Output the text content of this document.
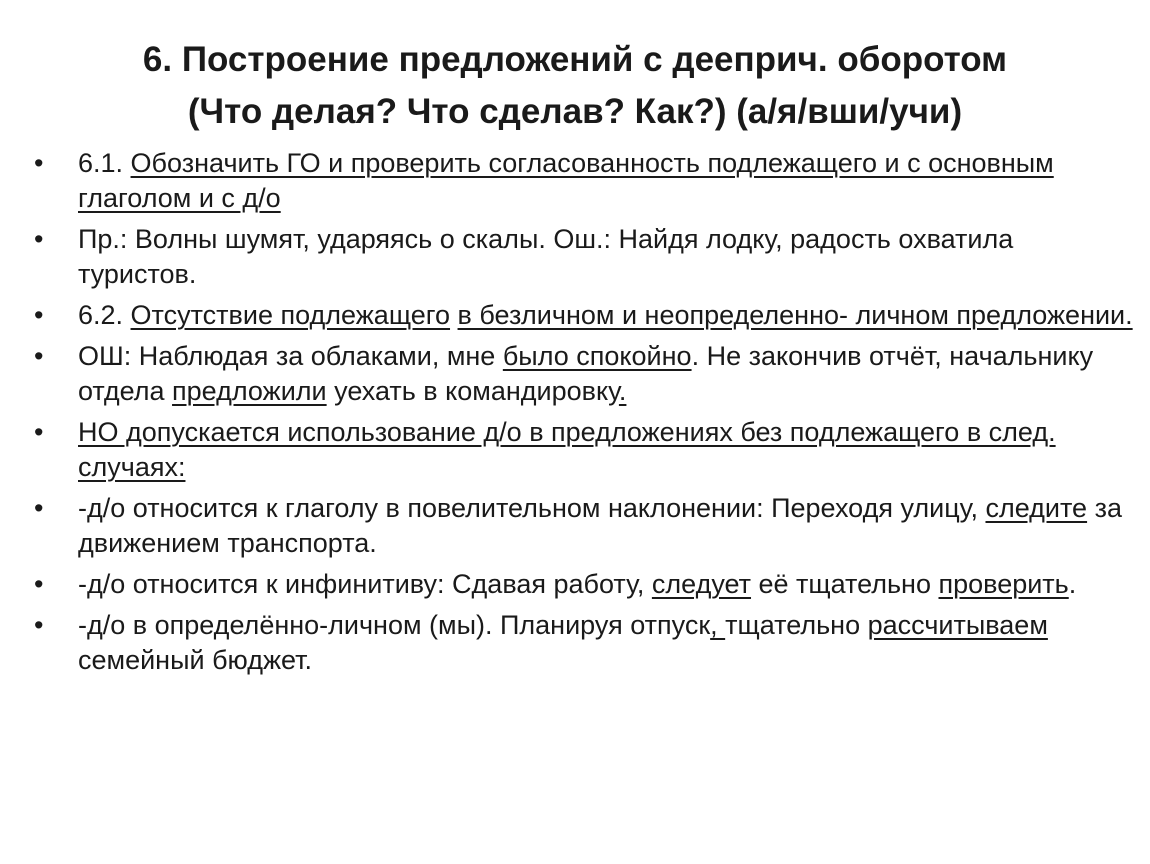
6. Построение предложений с дееприч. оборотом
(Что делая? Что сделав? Как?) (а/я/вши/учи)
• 6.1. Обозначить ГО и проверить согласованность подлежащего и с основным глаголом и с д/о
• Пр.: Волны шумят, ударяясь о скалы. Ош.: Найдя лодку, радость охватила туристов.
• 6.2. Отсутствие подлежащего в безличном и неопределенно- личном предложении.
• ОШ: Наблюдая за облаками, мне было спокойно. Не закончив отчёт, начальнику отдела предложили уехать в командировку.
• НО допускается использование д/о в предложениях без подлежащего в след. случаях:
• -д/о относится к глаголу в повелительном наклонении: Переходя улицу, следите за движением транспорта.
• -д/о относится к инфинитиву: Сдавая работу, следует её тщательно проверить.
• -д/о в определённо-личном (мы). Планируя отпуск, тщательно рассчитываем семейный бюджет.
